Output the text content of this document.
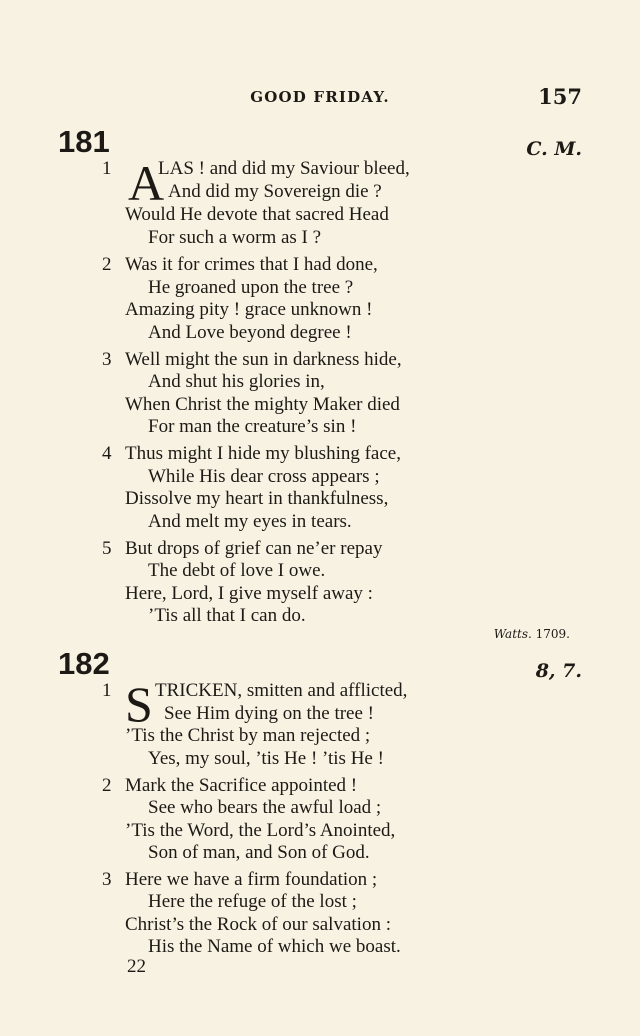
GOOD FRIDAY.	157
181	C. M.
A
1 LAS ! and did my Saviour bleed,
And did my Sovereign die ?
Would He devote that sacred Head
For such a worm as I ?
2 Was it for crimes that I had done,
He groaned upon the tree ?
Amazing pity ! grace unknown !
And Love beyond degree !
3 Well might the sun in darkness hide,
And shut his glories in,
When Christ the mighty Maker died
For man the creature’s sin !
4 Thus might I hide my blushing face,
While His dear cross appears ;
Dissolve my heart in thankfulness,
And melt my eyes in tears.
5 But drops of grief can ne’er repay
The debt of love I owe.
Here, Lord, I give myself away :
’Tis all that I can do.
Watts. 1709.
182	8, 7.
S
1 TRICKEN, smitten and afflicted,
See Him dying on the tree !
’Tis the Christ by man rejected ;
Yes, my soul, ’tis He ! ’tis He !
2 Mark the Sacrifice appointed !
See who bears the awful load ;
’Tis the Word, the Lord’s Anointed,
Son of man, and Son of God.
3 Here we have a firm foundation ;
Here the refuge of the lost ;
Christ’s the Rock of our salvation :
His the Name of which we boast.
22
